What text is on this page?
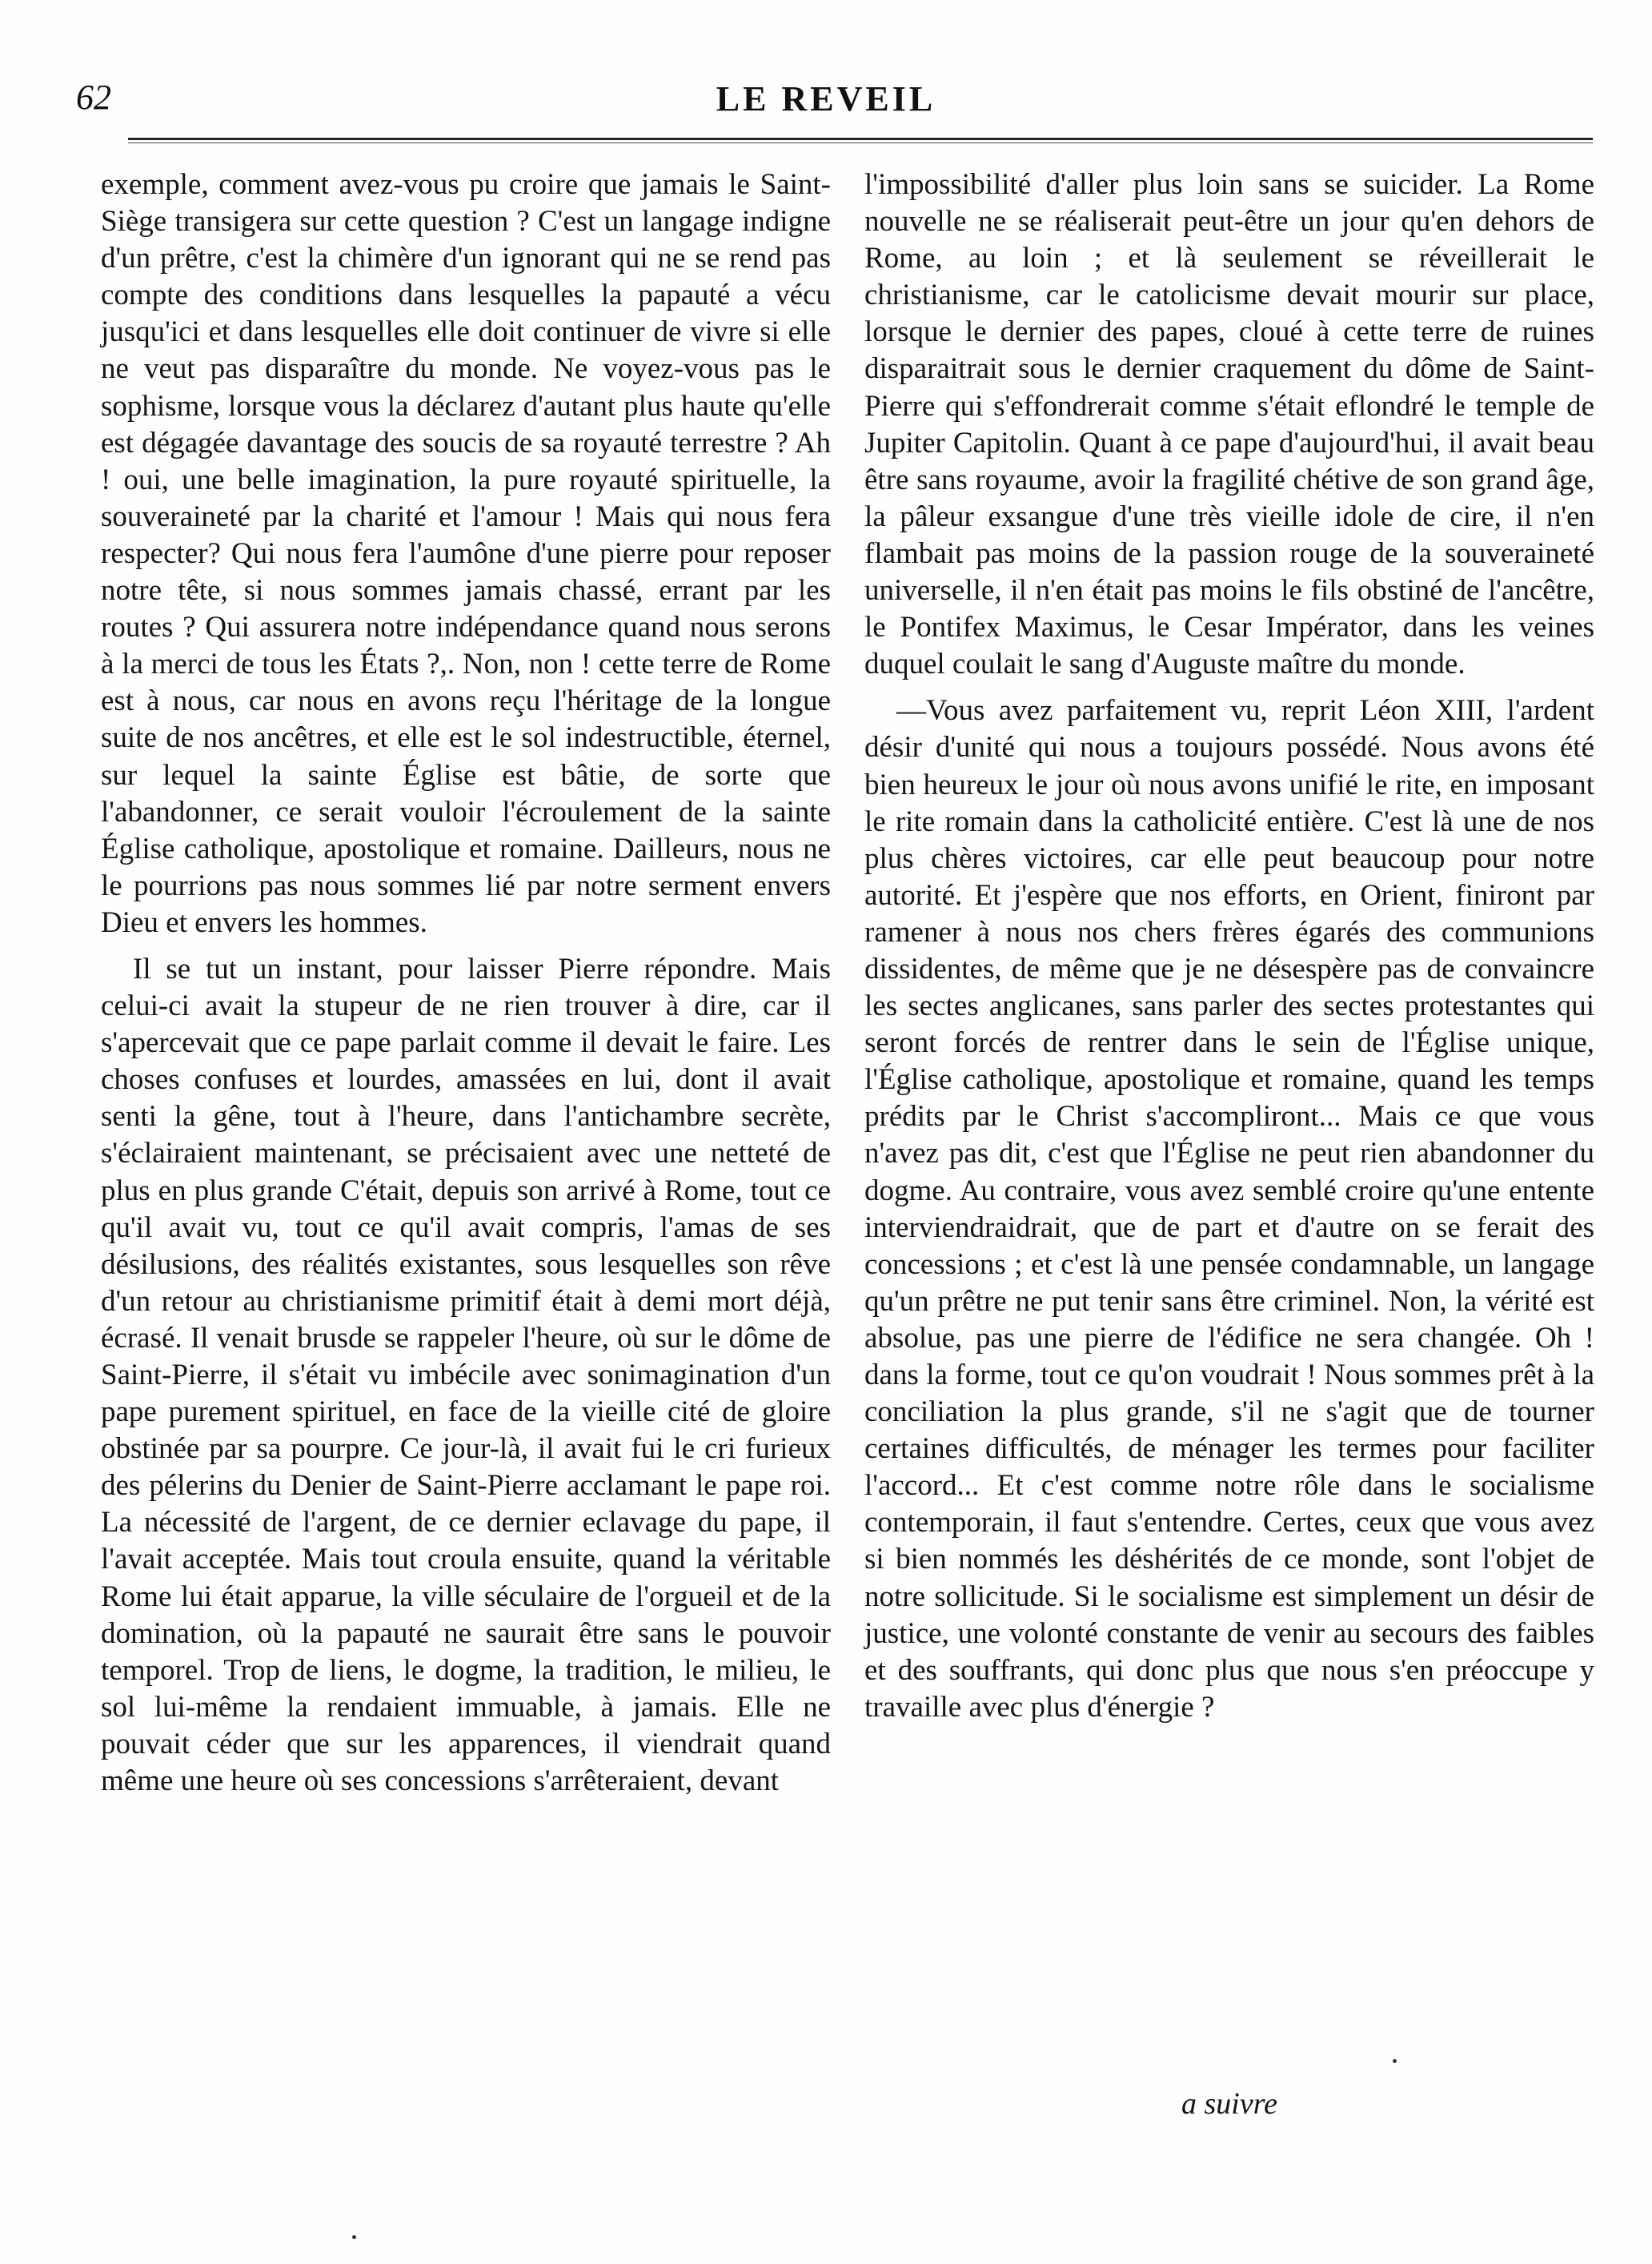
62	LE REVEIL

exemple, comment avez-vous pu croire que jamais le Saint-Siège transigera sur cette question ? C'est un langage indigne d'un prêtre, c'est la chimère d'un ignorant qui ne se rend pas compte des conditions dans lesquelles la papauté a vécu jusqu'ici et dans lesquelles elle doit continuer de vivre si elle ne veut pas disparaître du monde. Ne voyez-vous pas le sophisme, lorsque vous la déclarez d'autant plus haute qu'elle est dégagée davantage des soucis de sa royauté terrestre ? Ah ! oui, une belle imagination, la pure royauté spirituelle, la souveraineté par la charité et l'amour ! Mais qui nous fera respecter? Qui nous fera l'aumône d'une pierre pour reposer notre tête, si nous sommes jamais chassé, errant par les routes ? Qui assurera notre indépendance quand nous serons à la merci de tous les États ?,. Non, non ! cette terre de Rome est à nous, car nous en avons reçu l'héritage de la longue suite de nos ancêtres, et elle est le sol indestructible, éternel, sur lequel la sainte Église est bâtie, de sorte que l'abandonner, ce serait vouloir l'écroulement de la sainte Église catholique, apostolique et romaine. Dailleurs, nous ne le pourrions pas nous sommes lié par notre serment envers Dieu et envers les hommes.

Il se tut un instant, pour laisser Pierre répondre. Mais celui-ci avait la stupeur de ne rien trouver à dire, car il s'apercevait que ce pape parlait comme il devait le faire. Les choses confuses et lourdes, amassées en lui, dont il avait senti la gêne, tout à l'heure, dans l'antichambre secrète, s'éclairaient maintenant, se précisaient avec une netteté de plus en plus grande C'était, depuis son arrivé à Rome, tout ce qu'il avait vu, tout ce qu'il avait compris, l'amas de ses désilusions, des réalités existantes, sous lesquelles son rêve d'un retour au christianisme primitif était à demi mort déjà, écrasé. Il venait brusde se rappeler l'heure, où sur le dôme de Saint-Pierre, il s'était vu imbécile avec sonimagination d'un pape purement spirituel, en face de la vieille cité de gloire obstinée par sa pourpre. Ce jour-là, il avait fui le cri furieux des pélerins du Denier de Saint-Pierre acclamant le pape roi. La nécessité de l'argent, de ce dernier eclavage du pape, il l'avait acceptée. Mais tout croula ensuite, quand la véritable Rome lui était apparue, la ville séculaire de l'orgueil et de la domination, où la papauté ne saurait être sans le pouvoir temporel. Trop de liens, le dogme, la tradition, le milieu, le sol lui-même la rendaient immuable, à jamais. Elle ne pouvait céder que sur les apparences, il viendrait quand même une heure où ses concessions s'arrêteraient, devant

l'impossibilité d'aller plus loin sans se suicider. La Rome nouvelle ne se réaliserait peut-être un jour qu'en dehors de Rome, au loin ; et là seulement se réveillerait le christianisme, car le catolicisme devait mourir sur place, lorsque le dernier des papes, cloué à cette terre de ruines disparaitrait sous le dernier craquement du dôme de Saint-Pierre qui s'effondrerait comme s'était eflondré le temple de Jupiter Capitolin. Quant à ce pape d'aujourd'hui, il avait beau être sans royaume, avoir la fragilité chétive de son grand âge, la pâleur exsangue d'une très vieille idole de cire, il n'en flambait pas moins de la passion rouge de la souveraineté universelle, il n'en était pas moins le fils obstiné de l'ancêtre, le Pontifex Maximus, le Cesar Impérator, dans les veines duquel coulait le sang d'Auguste maître du monde.

—Vous avez parfaitement vu, reprit Léon XIII, l'ardent désir d'unité qui nous a toujours possédé. Nous avons été bien heureux le jour où nous avons unifié le rite, en imposant le rite romain dans la catholicité entière. C'est là une de nos plus chères victoires, car elle peut beaucoup pour notre autorité. Et j'espère que nos efforts, en Orient, finiront par ramener à nous nos chers frères égarés des communions dissidentes, de même que je ne désespère pas de convaincre les sectes anglicanes, sans parler des sectes protestantes qui seront forcés de rentrer dans le sein de l'Église unique, l'Église catholique, apostolique et romaine, quand les temps prédits par le Christ s'accompliront... Mais ce que vous n'avez pas dit, c'est que l'Église ne peut rien abandonner du dogme. Au contraire, vous avez semblé croire qu'une entente interviendraidrait, que de part et d'autre on se ferait des concessions ; et c'est là une pensée condamnable, un langage qu'un prêtre ne put tenir sans être criminel. Non, la vérité est absolue, pas une pierre de l'édifice ne sera changée. Oh ! dans la forme, tout ce qu'on voudrait ! Nous sommes prêt à la conciliation la plus grande, s'il ne s'agit que de tourner certaines difficultés, de ménager les termes pour faciliter l'accord... Et c'est comme notre rôle dans le socialisme contemporain, il faut s'entendre. Certes, ceux que vous avez si bien nommés les déshérités de ce monde, sont l'objet de notre sollicitude. Si le socialisme est simplement un désir de justice, une volonté constante de venir au secours des faibles et des souffrants, qui donc plus que nous s'en préoccupe y travaille avec plus d'énergie ?

a suivre
